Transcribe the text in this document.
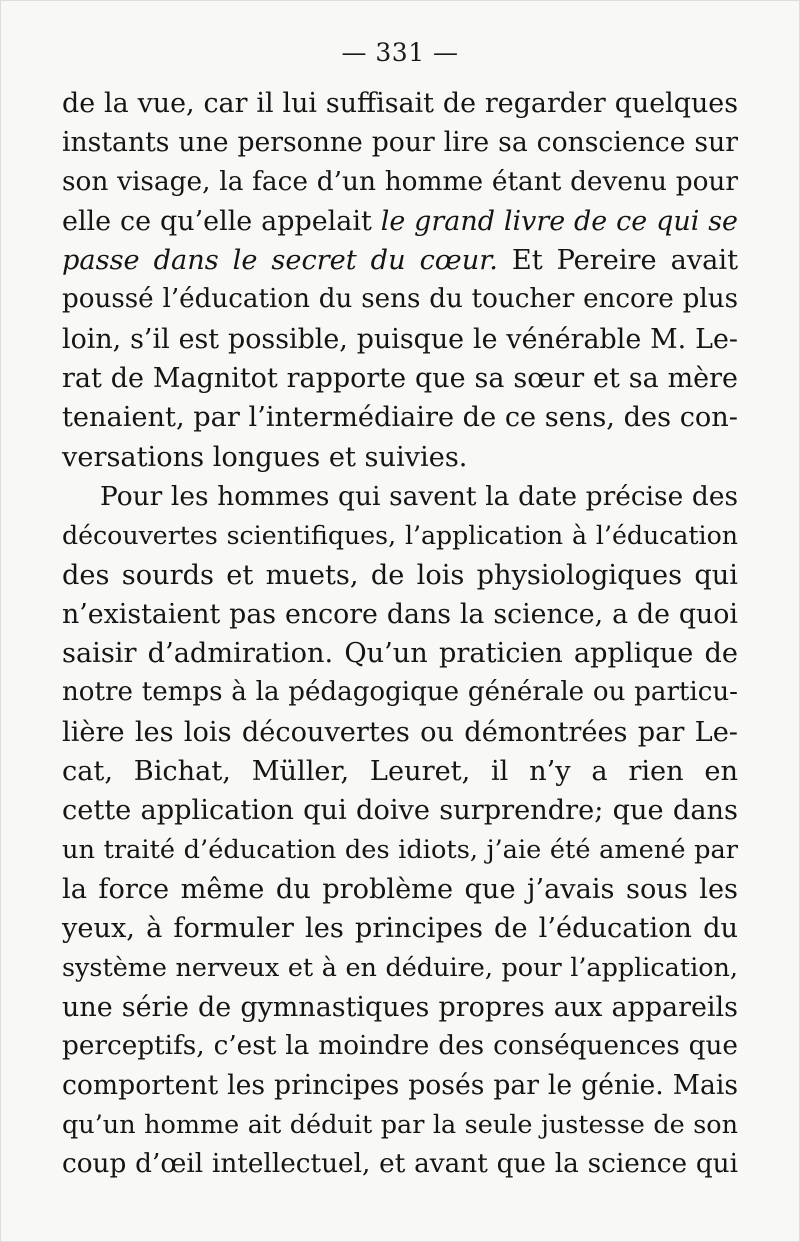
— 331 —
de la vue, car il lui suffisait de regarder quelques
instants une personne pour lire sa conscience sur
son visage, la face d’un homme étant devenu pour
elle ce qu’elle appelait le grand livre de ce qui se
passe dans le secret du cœur. Et Pereire avait
poussé l’éducation du sens du toucher encore plus
loin, s’il est possible, puisque le vénérable M. Le-
rat de Magnitot rapporte que sa sœur et sa mère
tenaient, par l’intermédiaire de ce sens, des con-
versations longues et suivies.
Pour les hommes qui savent la date précise des
découvertes scientifiques, l’application à l’éducation
des sourds et muets, de lois physiologiques qui
n’existaient pas encore dans la science, a de quoi
saisir d’admiration. Qu’un praticien applique de
notre temps à la pédagogique générale ou particu-
lière les lois découvertes ou démontrées par Le-
cat, Bichat, Müller, Leuret, il n’y a rien en
cette application qui doive surprendre; que dans
un traité d’éducation des idiots, j’aie été amené par
la force même du problème que j’avais sous les
yeux, à formuler les principes de l’éducation du
système nerveux et à en déduire, pour l’application,
une série de gymnastiques propres aux appareils
perceptifs, c’est la moindre des conséquences que
comportent les principes posés par le génie. Mais
qu’un homme ait déduit par la seule justesse de son
coup d’œil intellectuel, et avant que la science qui
